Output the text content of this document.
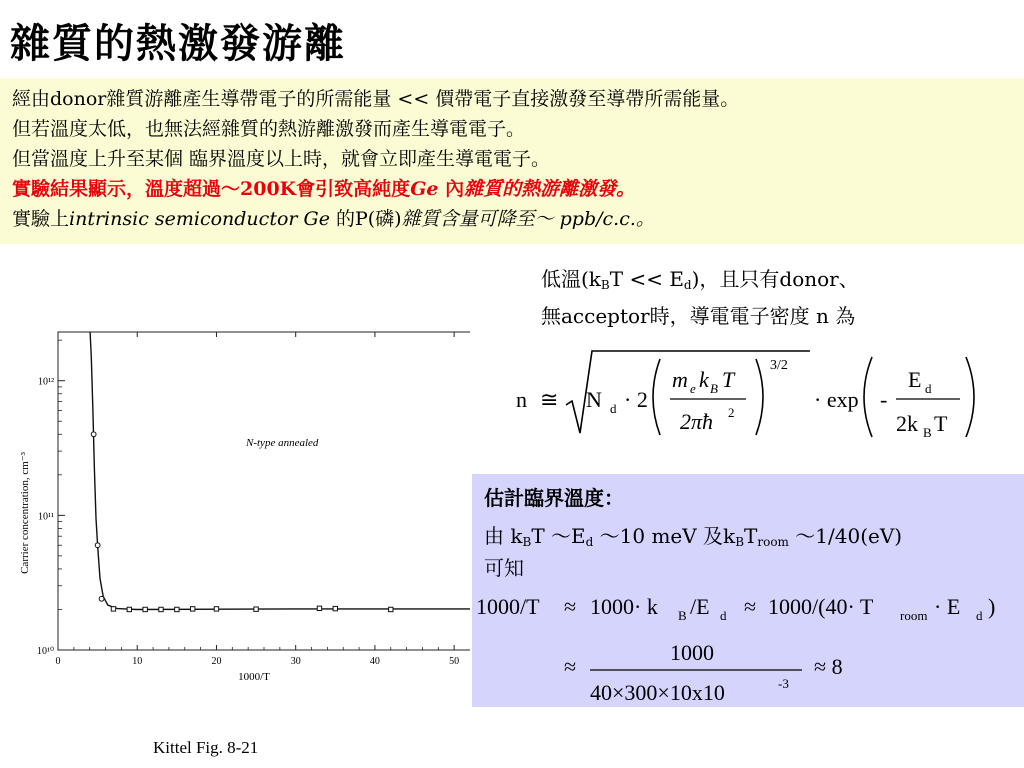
雜質的熱激發游離
經由donor雜質游離產生導帶電子的所需能量 << 價帶電子直接激發至導帶所需能量。
但若溫度太低，也無法經雜質的熱游離激發而產生導電電子。
但當溫度上升至某個 臨界溫度以上時，就會立即產生導電電子。
實驗結果顯示，溫度超過～200K會引致高純度Ge 內雜質的熱游離激發。
實驗上intrinsic semiconductor Ge 的P(磷)雜質含量可降至～ ppb/c.c.。
低溫$(k_BT << E_d)$，且只有donor、
無acceptor時，導電電子密度 n 為
n ≅ N d · 2
m e k B T
2πħ 2
3/2
· exp -
E d
2k B T
估計臨界溫度：
由 $k_BT$ $\sim E_d$ ～10 meV 及$k_BT_{room}$ ～1/40(eV)
可知
1000/T ≈ 1000· k B /E d ≈ 1000/(40· T room · E d )
≈
1000
40×300×10x10	-3
≈ 8
0	10	20	30	40	50
10¹⁰
10¹¹
10¹²
N-type annealed
1000/T
Carrier concentration, cm⁻³
Kittel Fig. 8-21
